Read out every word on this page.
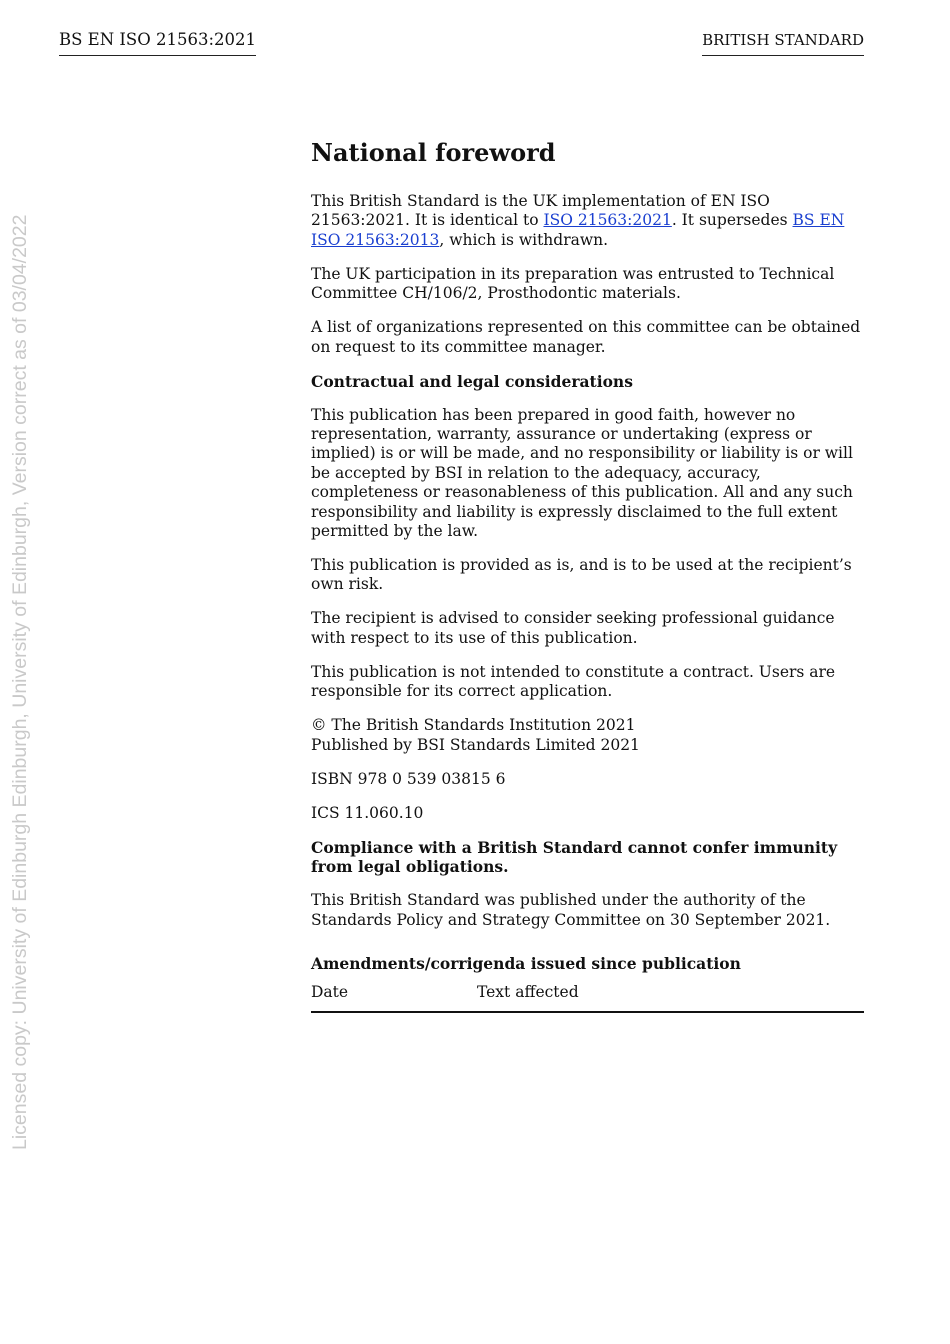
BS EN ISO 21563:2021	BRITISH STANDARD
Licensed copy: University of Edinburgh Edinburgh, University of Edinburgh, Version correct as of 03/04/2022
National foreword

This British Standard is the UK implementation of EN ISO 21563:2021. It is identical to ISO 21563:2021. It supersedes BS EN ISO 21563:2013, which is withdrawn.

The UK participation in its preparation was entrusted to Technical Committee CH/106/2, Prosthodontic materials.

A list of organizations represented on this committee can be obtained on request to its committee manager.

Contractual and legal considerations

This publication has been prepared in good faith, however no representation, warranty, assurance or undertaking (express or implied) is or will be made, and no responsibility or liability is or will be accepted by BSI in relation to the adequacy, accuracy, completeness or reasonableness of this publication. All and any such responsibility and liability is expressly disclaimed to the full extent permitted by the law.

This publication is provided as is, and is to be used at the recipient’s own risk.

The recipient is advised to consider seeking professional guidance with respect to its use of this publication.

This publication is not intended to constitute a contract. Users are responsible for its correct application.

© The British Standards Institution 2021
Published by BSI Standards Limited 2021

ISBN 978 0 539 03815 6

ICS 11.060.10

Compliance with a British Standard cannot confer immunity from legal obligations.

This British Standard was published under the authority of the Standards Policy and Strategy Committee on 30 September 2021.

Amendments/corrigenda issued since publication
Date	Text affected
